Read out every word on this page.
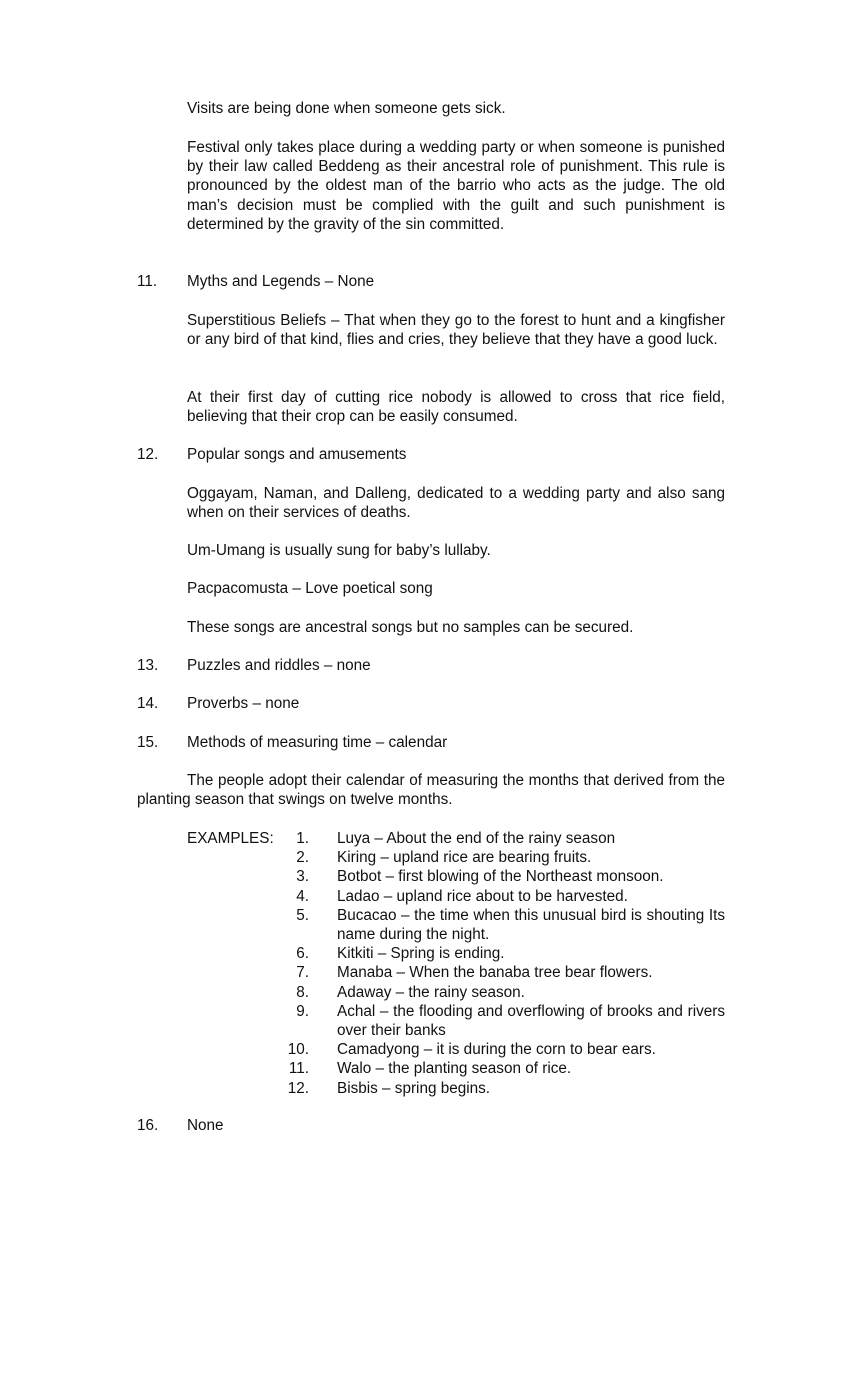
Visits are being done when someone gets sick.

Festival only takes place during a wedding party or when someone is punished by their law called Beddeng as their ancestral role of punishment. This rule is pronounced by the oldest man of the barrio who acts as the judge. The old man’s decision must be complied with the guilt and such punishment is determined by the gravity of the sin committed.

11. Myths and Legends – None

Superstitious Beliefs – That when they go to the forest to hunt and a kingfisher or any bird of that kind, flies and cries, they believe that they have a good luck.

At their first day of cutting rice nobody is allowed to cross that rice field, believing that their crop can be easily consumed.

12. Popular songs and amusements

Oggayam, Naman, and Dalleng, dedicated to a wedding party and also sang when on their services of deaths.

Um-Umang is usually sung for baby’s lullaby.

Pacpacomusta – Love poetical song

These songs are ancestral songs but no samples can be secured.

13. Puzzles and riddles – none
14. Proverbs – none
15. Methods of measuring time – calendar

The people adopt their calendar of measuring the months that derived from the planting season that swings on twelve months.

EXAMPLES:	1. Luya – About the end of the rainy season
2. Kiring – upland rice are bearing fruits.
3. Botbot – first blowing of the Northeast monsoon.
4. Ladao – upland rice about to be harvested.
5. Bucacao – the time when this unusual bird is shouting Its name during the night.
6. Kitkiti – Spring is ending.
7. Manaba – When the banaba tree bear flowers.
8. Adaway – the rainy season.
9. Achal – the flooding and overflowing of brooks and rivers over their banks
10. Camadyong – it is during the corn to bear ears.
11. Walo – the planting season of rice.
12. Bisbis – spring begins.
16. None
